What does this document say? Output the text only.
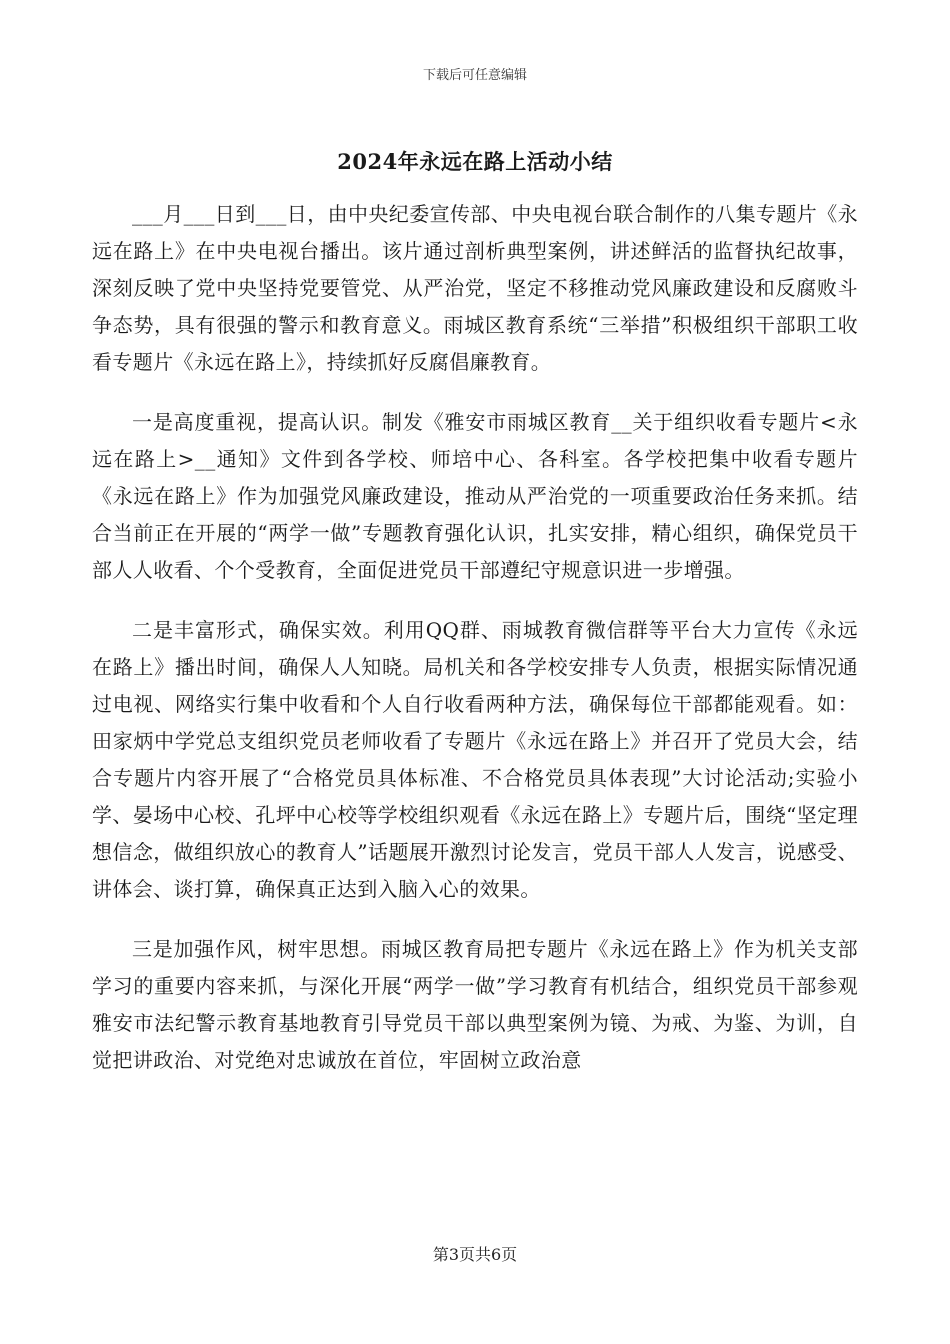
下载后可任意编辑
2024年永远在路上活动小结

___月___日到___日，由中央纪委宣传部、中央电视台联合制作的八集专题片《永远在路上》在中央电视台播出。该片通过剖析典型案例，讲述鲜活的监督执纪故事，深刻反映了党中央坚持党要管党、从严治党，坚定不移推动党风廉政建设和反腐败斗争态势，具有很强的警示和教育意义。雨城区教育系统“三举措”积极组织干部职工收看专题片《永远在路上》，持续抓好反腐倡廉教育。

一是高度重视，提高认识。制发《雅安市雨城区教育__关于组织收看专题片<永远在路上>__通知》文件到各学校、师培中心、各科室。各学校把集中收看专题片《永远在路上》作为加强党风廉政建设，推动从严治党的一项重要政治任务来抓。结合当前正在开展的“两学一做”专题教育强化认识，扎实安排，精心组织，确保党员干部人人收看、个个受教育，全面促进党员干部遵纪守规意识进一步增强。

二是丰富形式，确保实效。利用QQ群、雨城教育微信群等平台大力宣传《永远在路上》播出时间，确保人人知晓。局机关和各学校安排专人负责，根据实际情况通过电视、网络实行集中收看和个人自行收看两种方法，确保每位干部都能观看。如：田家炳中学党总支组织党员老师收看了专题片《永远在路上》并召开了党员大会，结合专题片内容开展了“合格党员具体标准、不合格党员具体表现”大讨论活动;实验小学、晏场中心校、孔坪中心校等学校组织观看《永远在路上》专题片后，围绕“坚定理想信念，做组织放心的教育人”话题展开激烈讨论发言，党员干部人人发言，说感受、讲体会、谈打算，确保真正达到入脑入心的效果。

三是加强作风，树牢思想。雨城区教育局把专题片《永远在路上》作为机关支部学习的重要内容来抓，与深化开展“两学一做”学习教育有机结合，组织党员干部参观雅安市法纪警示教育基地教育引导党员干部以典型案例为镜、为戒、为鉴、为训，自觉把讲政治、对党绝对忠诚放在首位，牢固树立政治意

第3页共6页
